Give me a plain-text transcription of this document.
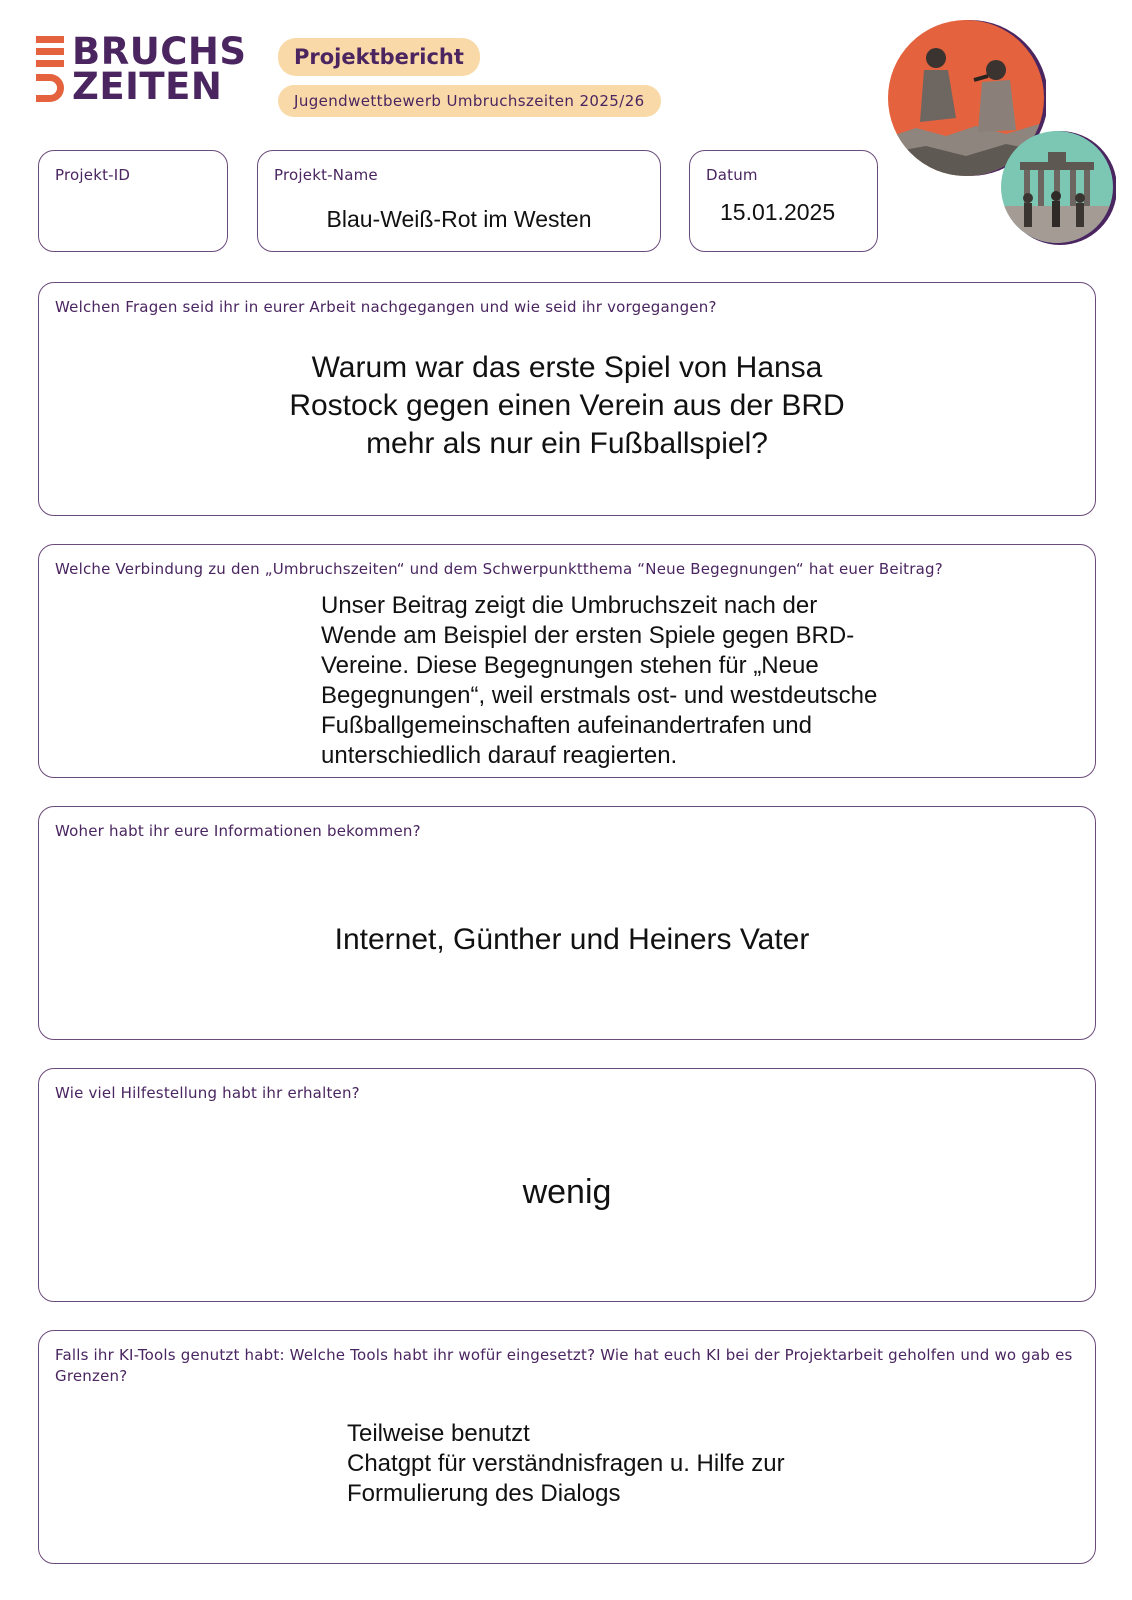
BRUCHS
ZEITEN
Projektbericht
Jugendwettbewerb Umbruchszeiten 2025/26
Projekt-ID	Projekt-Name
Blau-Weiß-Rot im Westen
Datum
15.01.2025
Welchen Fragen seid ihr in eurer Arbeit nachgegangen und wie seid ihr vorgegangen?
Warum war das erste Spiel von Hansa
Rostock gegen einen Verein aus der BRD
mehr als nur ein Fußballspiel?
Welche Verbindung zu den „Umbruchszeiten“ und dem Schwerpunktthema “Neue Begegnungen“ hat euer Beitrag?
Unser Beitrag zeigt die Umbruchszeit nach der
Wende am Beispiel der ersten Spiele gegen BRD-
Vereine. Diese Begegnungen stehen für „Neue
Begegnungen“, weil erstmals ost- und westdeutsche
Fußballgemeinschaften aufeinandertrafen und
unterschiedlich darauf reagierten.
Woher habt ihr eure Informationen bekommen?
Internet, Günther und Heiners Vater
Wie viel Hilfestellung habt ihr erhalten?
wenig
Falls ihr KI-Tools genutzt habt: Welche Tools habt ihr wofür eingesetzt? Wie hat euch KI bei der Projektarbeit geholfen und wo gab es Grenzen?
Teilweise benutzt
Chatgpt für verständnisfragen u. Hilfe zur
Formulierung des Dialogs
